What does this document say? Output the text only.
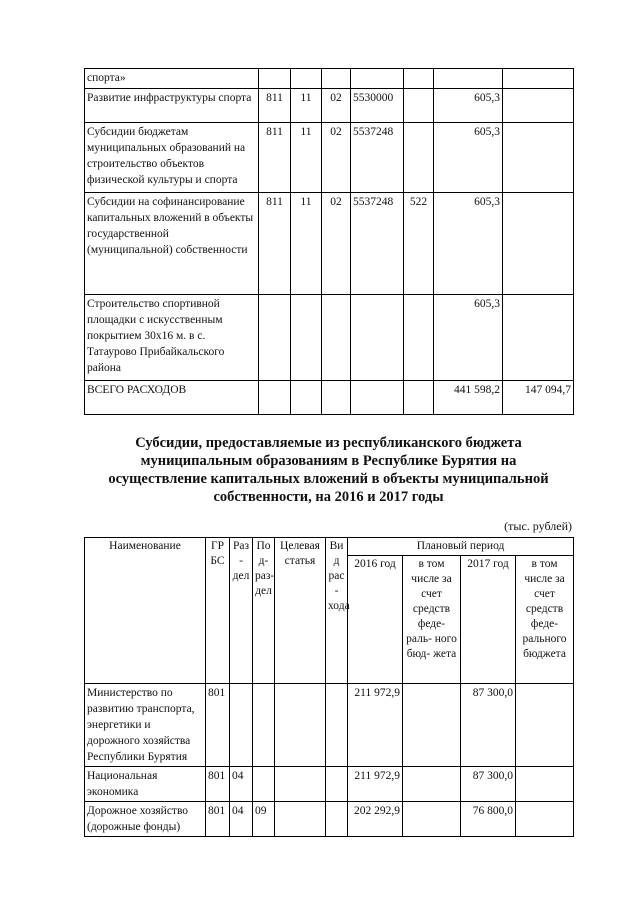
спорта»							
Развитие инфраструктуры спорта	811	11	02	5530000		605,3	
Субсидии бюджетам муниципальных образований на строительство объектов физической культуры и спорта	811	11	02	5537248		605,3	
Субсидии на софинансирование капитальных вложений в объекты государственной (муниципальной) собственности	811	11	02	5537248	522	605,3	
Строительство спортивной площадки с искусственным покрытием 30х16 м. в с. Татаурово Прибайкальского района						605,3	
ВСЕГО РАСХОДОВ						441 598,2	147 094,7
Субсидии, предоставляемые из республиканского бюджета
муниципальным образованиям в Республике Бурятия на
осуществление капитальных вложений в объекты муниципальной
собственности, на 2016 и 2017 годы
(тыс. рублей)
Наименование	ГР БС	Раз - дел	По д- раз- дел	Целевая статья	Ви д рас - хода	Плановый период			
						2016 год	в том числе за счет средств феде- раль- ного бюд- жета	2017 год	в том числе за счет средств феде- рального бюджета
Министерство по развитию транспорта, энергетики и дорожного хозяйства Республики Бурятия	801					211 972,9		87 300,0	
Национальная экономика	801	04				211 972,9		87 300,0	
Дорожное хозяйство (дорожные фонды)	801	04	09			202 292,9		76 800,0	
